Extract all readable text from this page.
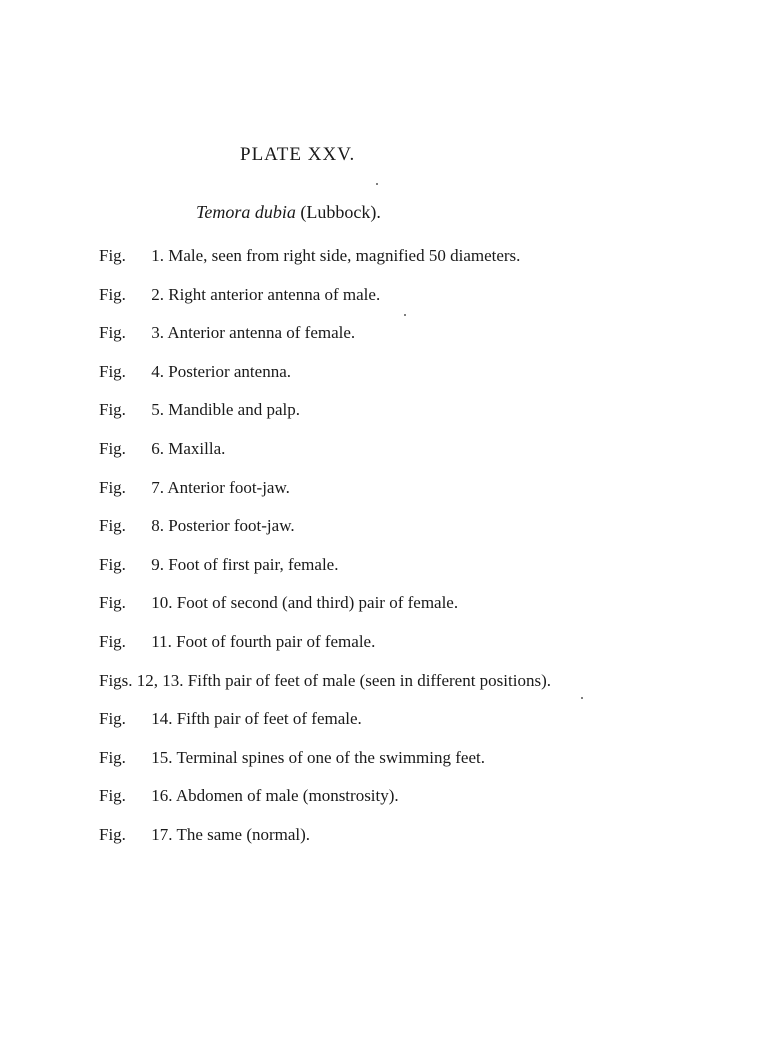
PLATE XXV.

Temora dubia (Lubbock).

Fig. 1. Male, seen from right side, magnified 50 diameters.
Fig. 2. Right anterior antenna of male.
Fig. 3. Anterior antenna of female.
Fig. 4. Posterior antenna.
Fig. 5. Mandible and palp.
Fig. 6. Maxilla.
Fig. 7. Anterior foot-jaw.
Fig. 8. Posterior foot-jaw.
Fig. 9. Foot of first pair, female.
Fig. 10. Foot of second (and third) pair of female.
Fig. 11. Foot of fourth pair of female.
Figs. 12, 13. Fifth pair of feet of male (seen in different positions).
Fig. 14. Fifth pair of feet of female.
Fig. 15. Terminal spines of one of the swimming feet.
Fig. 16. Abdomen of male (monstrosity).
Fig. 17. The same (normal).
